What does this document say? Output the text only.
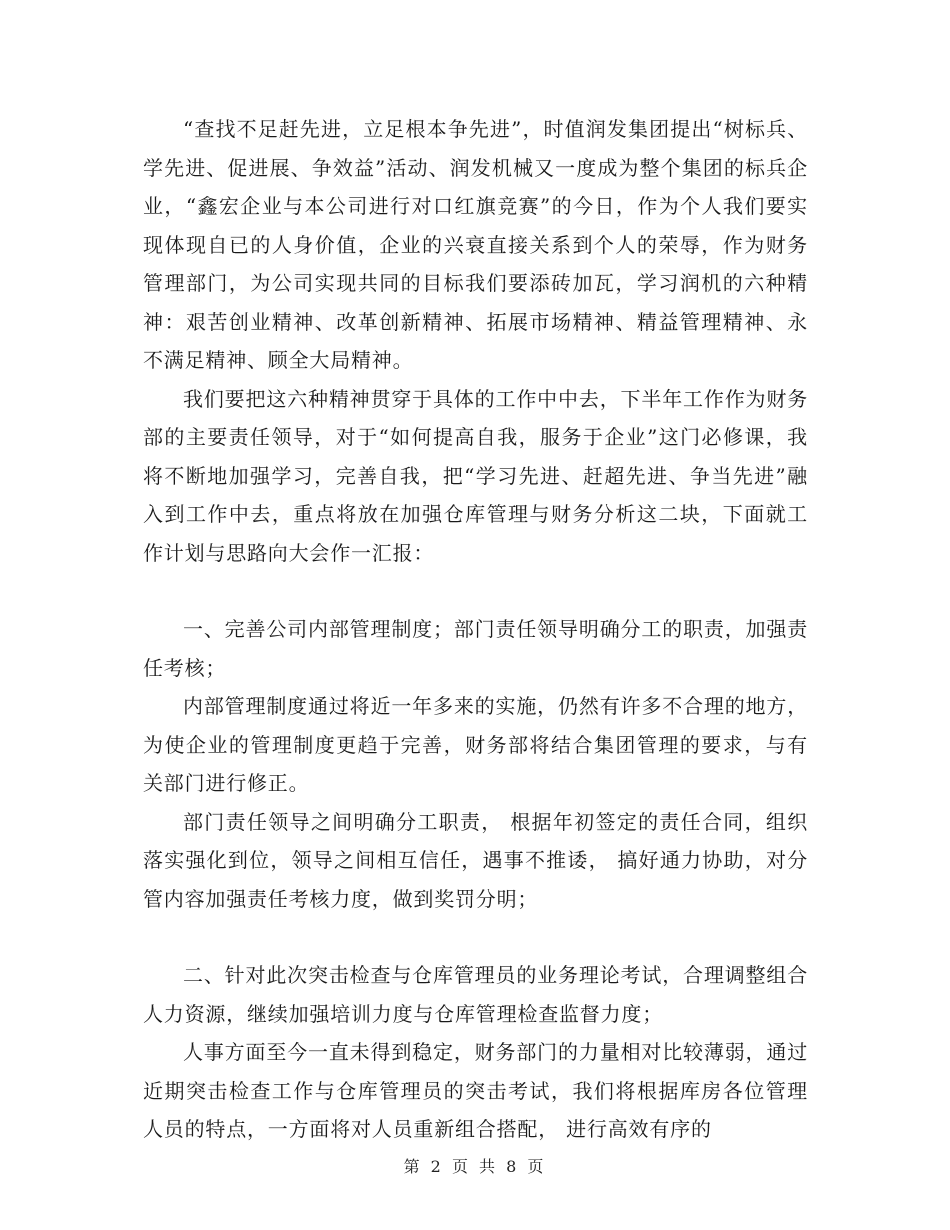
“查找不足赶先进，立足根本争先进”，时值润发集团提出“树标兵、学先进、促进展、争效益”活动、润发机械又一度成为整个集团的标兵企业，“鑫宏企业与本公司进行对口红旗竞赛”的今日，作为个人我们要实现体现自已的人身价值，企业的兴衰直接关系到个人的荣辱，作为财务管理部门，为公司实现共同的目标我们要添砖加瓦，学习润机的六种精神：艰苦创业精神、改革创新精神、拓展市场精神、精益管理精神、永不满足精神、顾全大局精神。

我们要把这六种精神贯穿于具体的工作中中去，下半年工作作为财务部的主要责任领导，对于“如何提高自我，服务于企业”这门必修课，我将不断地加强学习，完善自我，把“学习先进、赶超先进、争当先进”融入到工作中去，重点将放在加强仓库管理与财务分析这二块，下面就工作计划与思路向大会作一汇报：

一、完善公司内部管理制度；部门责任领导明确分工的职责，加强责任考核；

内部管理制度通过将近一年多来的实施，仍然有许多不合理的地方，为使企业的管理制度更趋于完善，财务部将结合集团管理的要求，与有关部门进行修正。

部门责任领导之间明确分工职责， 根据年初签定的责任合同，组织落实强化到位，领导之间相互信任，遇事不推诿， 搞好通力协助，对分管内容加强责任考核力度，做到奖罚分明；

二、针对此次突击检查与仓库管理员的业务理论考试，合理调整组合人力资源，继续加强培训力度与仓库管理检查监督力度；

人事方面至今一直未得到稳定，财务部门的力量相对比较薄弱，通过近期突击检查工作与仓库管理员的突击考试，我们将根据库房各位管理人员的特点，一方面将对人员重新组合搭配， 进行高效有序的

第 2 页 共 8 页
